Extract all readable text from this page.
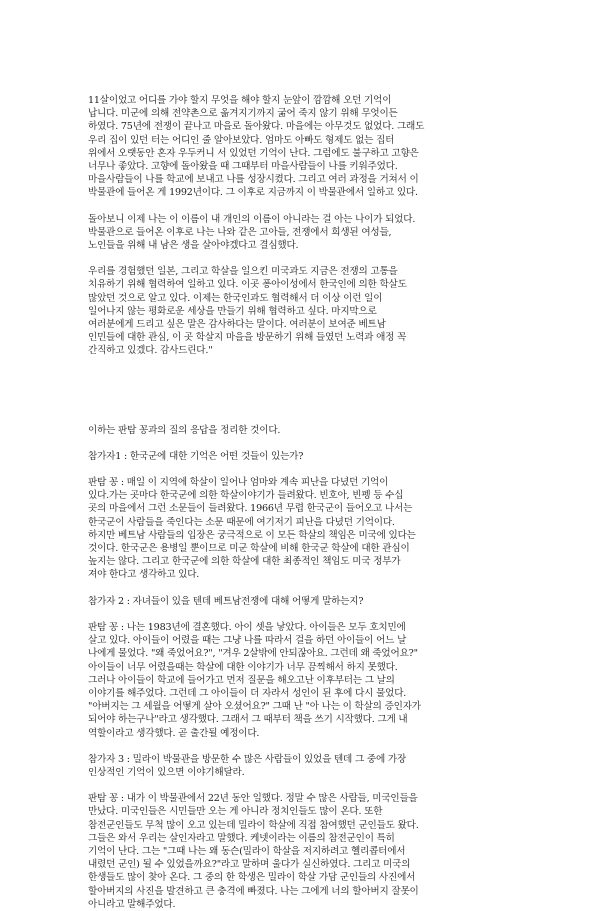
11살이었고 어디를 가야 할지 무엇을 해야 할지 눈앞이 깜깜해 오던 기억이
납니다. 미군에 의해 전약촌으로 옮겨지기까지 굶어 죽지 않기 위해 무엇이든
하였다. 75년에 전쟁이 끝나고 마을로 돌아왔다. 마을에는 아무것도 없었다. 그래도
우리 집이 있던 터는 어디인 줄 알아보았다. 엄마도 아빠도 형제도 없는 집터
위에서 오랫동안 혼자 우두커니 서 있었던 기억이 난다. 그럼에도 불구하고 고향은
너무나 좋았다. 고향에 돌아왔을 때 그때부터 마을사람들이 나를 키워주었다.
마을사람들이 나를 학교에 보내고 나를 성장시켰다. 그리고 여러 과정을 거쳐서 이
박물관에 들어온 게 1992년이다. 그 이후로 지금까지 이 박물관에서 일하고 있다.

돌아보니 이제 나는 이 이름이 내 개인의 이름이 아니라는 걸 아는 나이가 되었다.
박물관으로 들어온 이후로 나는 나와 같은 고아들, 전쟁에서 희생된 여성들,
노인들을 위해 내 남은 생을 살아야겠다고 결심했다.

우리를 경험했던 일본, 그리고 학살을 일으킨 미국과도 지금은 전쟁의 고통을
치유하기 위해 협력하여 일하고 있다. 이곳 퐁아이성에서 한국인에 의한 학살도
많았던 것으로 알고 있다. 이제는 한국인과도 협력해서 더 이상 이런 일이
일어나지 않는 평화로운 세상을 만들기 위해 협력하고 싶다. 마지막으로
여러분에게 드리고 싶은 말은 감사하다는 말이다. 여러분이 보여준 베트남
인민들에 대한 관심, 이 곳 학살지 마을을 방문하기 위해 들였던 노력과 애정 꼭
간직하고 있겠다. 감사드린다."

이하는 판탐 꽁과의 질의 응답을 정리한 것이다.

참가자1 : 한국군에 대한 기억은 어떤 것들이 있는가?

판탐 꽁 : 매일 이 지역에 학살이 일어나 엄마와 계속 피난을 다녔던 기억이
있다.가는 곳마다 한국군에 의한 학살이야기가 들려왔다. 빈호아, 빈펭 등 수십
곳의 마을에서 그런 소문들이 들려왔다. 1966년 무렵 한국군이 들어오고 나서는
한국군이 사람들을 죽인다는 소문 때문에 여기저기 피난을 다녔던 기억이다.
하지만 베트남 사람들의 입장은 궁극적으로 이 모든 학살의 책임은 미국에 있다는
것이다. 한국군은 용병일 뿐이므로 미군 학살에 비해 한국군 학살에 대한 관심이
높지는 않다. 그리고 한국군에 의한 학살에 대한 최종적인 책임도 미국 정부가
져야 한다고 생각하고 있다.

참가자 2 : 자녀들이 있을 텐데 베트남전쟁에 대해 어떻게 말하는지?

판탐 꽁 : 나는 1983년에 결혼했다. 아이 셋을 낳았다. 아이들은 모두 호치민에
살고 있다. 아이들이 어렸을 때는 그냥 나를 따라서 걸을 하던 아이들이 어느 날
나에게 물었다. "왜 죽었어요?", "겨우 2살밖에 안되잖아요. 그런데 왜 죽었어요?"
아이들이 너무 어렸을때는 학살에 대한 이야기가 너무 끔찍해서 하지 못했다.
그러나 아이들이 학교에 들어가고 먼저 질문을 해오고난 이후부터는 그 날의
이야기를 해주었다. 그런데 그 아이들이 더 자라서 성인이 된 후에 다시 물었다.
"아버지는 그 세월을 어떻게 살아 오셨어요?" 그때 난 "아 나는 이 학살의 증인자가
되어야 하는구나"라고 생각했다. 그래서 그 때부터 책을 쓰기 시작했다. 그게 내
역할이라고 생각했다. 곧 출간될 예정이다.

참가자 3 : 밀라이 박물관을 방문한 수 많은 사람들이 있었을 텐데 그 중에 가장
인상적인 기억이 있으면 이야기해달라.

판탐 꽁 : 내가 이 박물관에서 22년 동안 일했다. 정말 수 많은 사람들, 미국인들을
만났다. 미국인들은 시민들만 오는 게 아니라 정치인들도 많이 온다. 또한
참전군인들도 무척 많이 오고 있는데 밀라이 학살에 직접 참여했던 군인들도 왔다.
그들은 와서 우리는 살인자라고 말했다. 케넷이라는 이름의 참전군인이 특히
기억이 난다. 그는 "그때 나는 왜 동슨(밀라이 학살을 저지하려고 헬리콥터에서
내렸던 군인) 될 수 있었을까요?"라고 말하며 울다가 실신하였다. 그리고 미국의
한생들도 많이 찾아 온다. 그 중의 한 학생은 밀라이 학살 가담 군인들의 사진에서
할아버지의 사진을 발견하고 큰 충격에 빠졌다. 나는 그에게 너의 할아버지 잘못이
아니라고 말해주었다.
